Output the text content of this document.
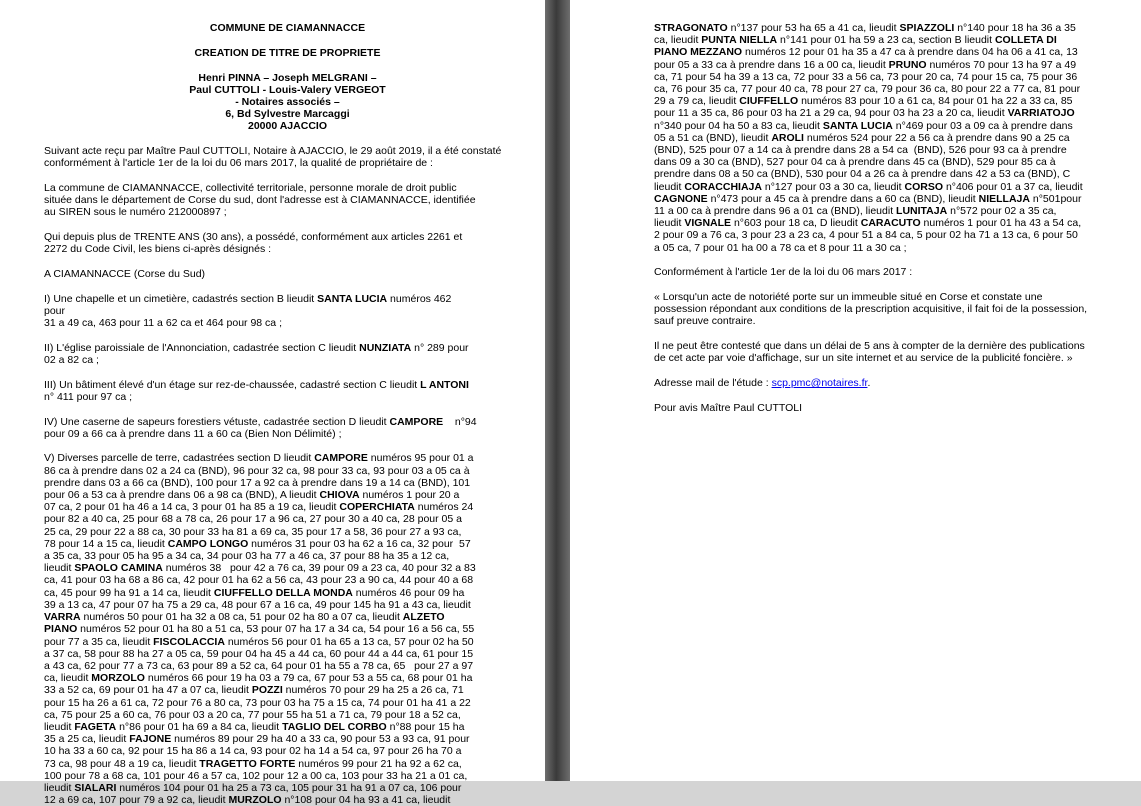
COMMUNE DE CIAMANNACCE
CREATION DE TITRE DE PROPRIETE
Henri PINNA – Joseph MELGRANI –
Paul CUTTOLI - Louis-Valery VERGEOT
- Notaires associés –
6, Bd Sylvestre Marcaggi
20000 AJACCIO

Suivant acte reçu par Maître Paul CUTTOLI, Notaire à AJACCIO, le 29 août 2019, il a été constaté
conformément à l'article 1er de la loi du 06 mars 2017, la qualité de propriétaire de :

La commune de CIAMANNACCE, collectivité territoriale, personne morale de droit public
située dans le département de Corse du sud, dont l'adresse est à CIAMANNACCE, identifiée
au SIREN sous le numéro 212000897 ;

Qui depuis plus de TRENTE ANS (30 ans), a possédé, conformément aux articles 2261 et
2272 du Code Civil, les biens ci-après désignés :

A CIAMANNACCE (Corse du Sud)

I) Une chapelle et un cimetière, cadastrés section B lieudit SANTA LUCIA numéros 462
pour
31 a 49 ca, 463 pour 11 a 62 ca et 464 pour 98 ca ;

II) L'église paroissiale de l'Annonciation, cadastrée section C lieudit NUNZIATA n° 289 pour
02 a 82 ca ;

III) Un bâtiment élevé d'un étage sur rez-de-chaussée, cadastré section C lieudit L ANTONI
n° 411 pour 97 ca ;

IV) Une caserne de sapeurs forestiers vétuste, cadastrée section D lieudit CAMPORE    n°94
pour 09 a 66 ca à prendre dans 11 a 60 ca (Bien Non Délimité) ;

V) Diverses parcelle de terre, cadastrées section D lieudit CAMPORE numéros 95 pour 01 a
86 ca à prendre dans 02 a 24 ca (BND), 96 pour 32 ca, 98 pour 33 ca, 93 pour 03 a 05 ca à
prendre dans 03 a 66 ca (BND), 100 pour 17 a 92 ca à prendre dans 19 a 14 ca (BND), 101
pour 06 a 53 ca à prendre dans 06 a 98 ca (BND), A lieudit CHIOVA numéros 1 pour 20 a
07 ca, 2 pour 01 ha 46 a 14 ca, 3 pour 01 ha 85 a 19 ca, lieudit COPERCHIATA numéros 24
pour 82 a 40 ca, 25 pour 68 a 78 ca, 26 pour 17 a 96 ca, 27 pour 30 a 40 ca, 28 pour 05 a
25 ca, 29 pour 22 a 88 ca, 30 pour 33 ha 81 a 69 ca, 35 pour 17 a 58, 36 pour 27 a 93 ca,
78 pour 14 a 15 ca, lieudit CAMPO LONGO numéros 31 pour 03 ha 62 a 16 ca, 32 pour  57
a 35 ca, 33 pour 05 ha 95 a 34 ca, 34 pour 03 ha 77 a 46 ca, 37 pour 88 ha 35 a 12 ca,
lieudit SPAOLO CAMINA numéros 38   pour 42 a 76 ca, 39 pour 09 a 23 ca, 40 pour 32 a 83
ca, 41 pour 03 ha 68 a 86 ca, 42 pour 01 ha 62 a 56 ca, 43 pour 23 a 90 ca, 44 pour 40 a 68
ca, 45 pour 99 ha 91 a 14 ca, lieudit CIUFFELLO DELLA MONDA numéros 46 pour 09 ha
39 a 13 ca, 47 pour 07 ha 75 a 29 ca, 48 pour 67 a 16 ca, 49 pour 145 ha 91 a 43 ca, lieudit
VARRA numéros 50 pour 01 ha 32 a 08 ca, 51 pour 02 ha 80 a 07 ca, lieudit ALZETO
PIANO numéros 52 pour 01 ha 80 a 51 ca, 53 pour 07 ha 17 a 34 ca, 54 pour 16 a 56 ca, 55
pour 77 a 35 ca, lieudit FISCOLACCIA numéros 56 pour 01 ha 65 a 13 ca, 57 pour 02 ha 50
a 37 ca, 58 pour 88 ha 27 a 05 ca, 59 pour 04 ha 45 a 44 ca, 60 pour 44 a 44 ca, 61 pour 15
a 43 ca, 62 pour 77 a 73 ca, 63 pour 89 a 52 ca, 64 pour 01 ha 55 a 78 ca, 65   pour 27 a 97
ca, lieudit MORZOLO numéros 66 pour 19 ha 03 a 79 ca, 67 pour 53 a 55 ca, 68 pour 01 ha
33 a 52 ca, 69 pour 01 ha 47 a 07 ca, lieudit POZZI numéros 70 pour 29 ha 25 a 26 ca, 71
pour 15 ha 26 a 61 ca, 72 pour 76 a 80 ca, 73 pour 03 ha 75 a 15 ca, 74 pour 01 ha 41 a 22
ca, 75 pour 25 a 60 ca, 76 pour 03 a 20 ca, 77 pour 55 ha 51 a 71 ca, 79 pour 18 a 52 ca,
lieudit FAGETA n°86 pour 01 ha 69 a 84 ca, lieudit TAGLIO DEL CORBO n°88 pour 15 ha
35 a 25 ca, lieudit FAJONE numéros 89 pour 29 ha 40 a 33 ca, 90 pour 53 a 93 ca, 91 pour
10 ha 33 a 60 ca, 92 pour 15 ha 86 a 14 ca, 93 pour 02 ha 14 a 54 ca, 97 pour 26 ha 70 a
73 ca, 98 pour 48 a 19 ca, lieudit TRAGETTO FORTE numéros 99 pour 21 ha 92 a 62 ca,
100 pour 78 a 68 ca, 101 pour 46 a 57 ca, 102 pour 12 a 00 ca, 103 pour 33 ha 21 a 01 ca,
lieudit SIALARI numéros 104 pour 01 ha 25 a 73 ca, 105 pour 31 ha 91 a 07 ca, 106 pour
12 a 69 ca, 107 pour 79 a 92 ca, lieudit MURZOLO n°108 pour 04 ha 93 a 41 ca, lieudit

STRAGONATO n°137 pour 53 ha 65 a 41 ca, lieudit SPIAZZOLI n°140 pour 18 ha 36 a 35
ca, lieudit PUNTA NIELLA n°141 pour 01 ha 59 a 23 ca, section B lieudit COLLETA DI
PIANO MEZZANO numéros 12 pour 01 ha 35 a 47 ca à prendre dans 04 ha 06 a 41 ca, 13
pour 05 a 33 ca à prendre dans 16 a 00 ca, lieudit PRUNO numéros 70 pour 13 ha 97 a 49
ca, 71 pour 54 ha 39 a 13 ca, 72 pour 33 a 56 ca, 73 pour 20 ca, 74 pour 15 ca, 75 pour 36
ca, 76 pour 35 ca, 77 pour 40 ca, 78 pour 27 ca, 79 pour 36 ca, 80 pour 22 a 77 ca, 81 pour
29 a 79 ca, lieudit CIUFFELLO numéros 83 pour 10 a 61 ca, 84 pour 01 ha 22 a 33 ca, 85
pour 11 a 35 ca, 86 pour 03 ha 21 a 29 ca, 94 pour 03 ha 23 a 20 ca, lieudit VARRIATOJO
n°340 pour 04 ha 50 a 83 ca, lieudit SANTA LUCIA n°469 pour 03 a 09 ca à prendre dans
05 a 51 ca (BND), lieudit AROLI numéros 524 pour 22 a 56 ca à prendre dans 90 a 25 ca
(BND), 525 pour 07 a 14 ca à prendre dans 28 a 54 ca  (BND), 526 pour 93 ca à prendre
dans 09 a 30 ca (BND), 527 pour 04 ca à prendre dans 45 ca (BND), 529 pour 85 ca à
prendre dans 08 a 50 ca (BND), 530 pour 04 a 26 ca à prendre dans 42 a 53 ca (BND), C
lieudit CORACCHIAJA n°127 pour 03 a 30 ca, lieudit CORSO n°406 pour 01 a 37 ca, lieudit
CAGNONE n°473 pour a 45 ca à prendre dans a 60 ca (BND), lieudit NIELLAJA n°501pour
11 a 00 ca à prendre dans 96 a 01 ca (BND), lieudit LUNITAJA n°572 pour 02 a 35 ca,
lieudit VIGNALE n°603 pour 18 ca, D lieudit CARACUTO numéros 1 pour 01 ha 43 a 54 ca,
2 pour 09 a 76 ca, 3 pour 23 a 23 ca, 4 pour 51 a 84 ca, 5 pour 02 ha 71 a 13 ca, 6 pour 50
a 05 ca, 7 pour 01 ha 00 a 78 ca et 8 pour 11 a 30 ca ;

Conformément à l'article 1er de la loi du 06 mars 2017 :

« Lorsqu'un acte de notoriété porte sur un immeuble situé en Corse et constate une
possession répondant aux conditions de la prescription acquisitive, il fait foi de la possession,
sauf preuve contraire.

Il ne peut être contesté que dans un délai de 5 ans à compter de la dernière des publications
de cet acte par voie d'affichage, sur un site internet et au service de la publicité foncière. »

Adresse mail de l'étude : scp.pmc@notaires.fr.

Pour avis Maître Paul CUTTOLI
